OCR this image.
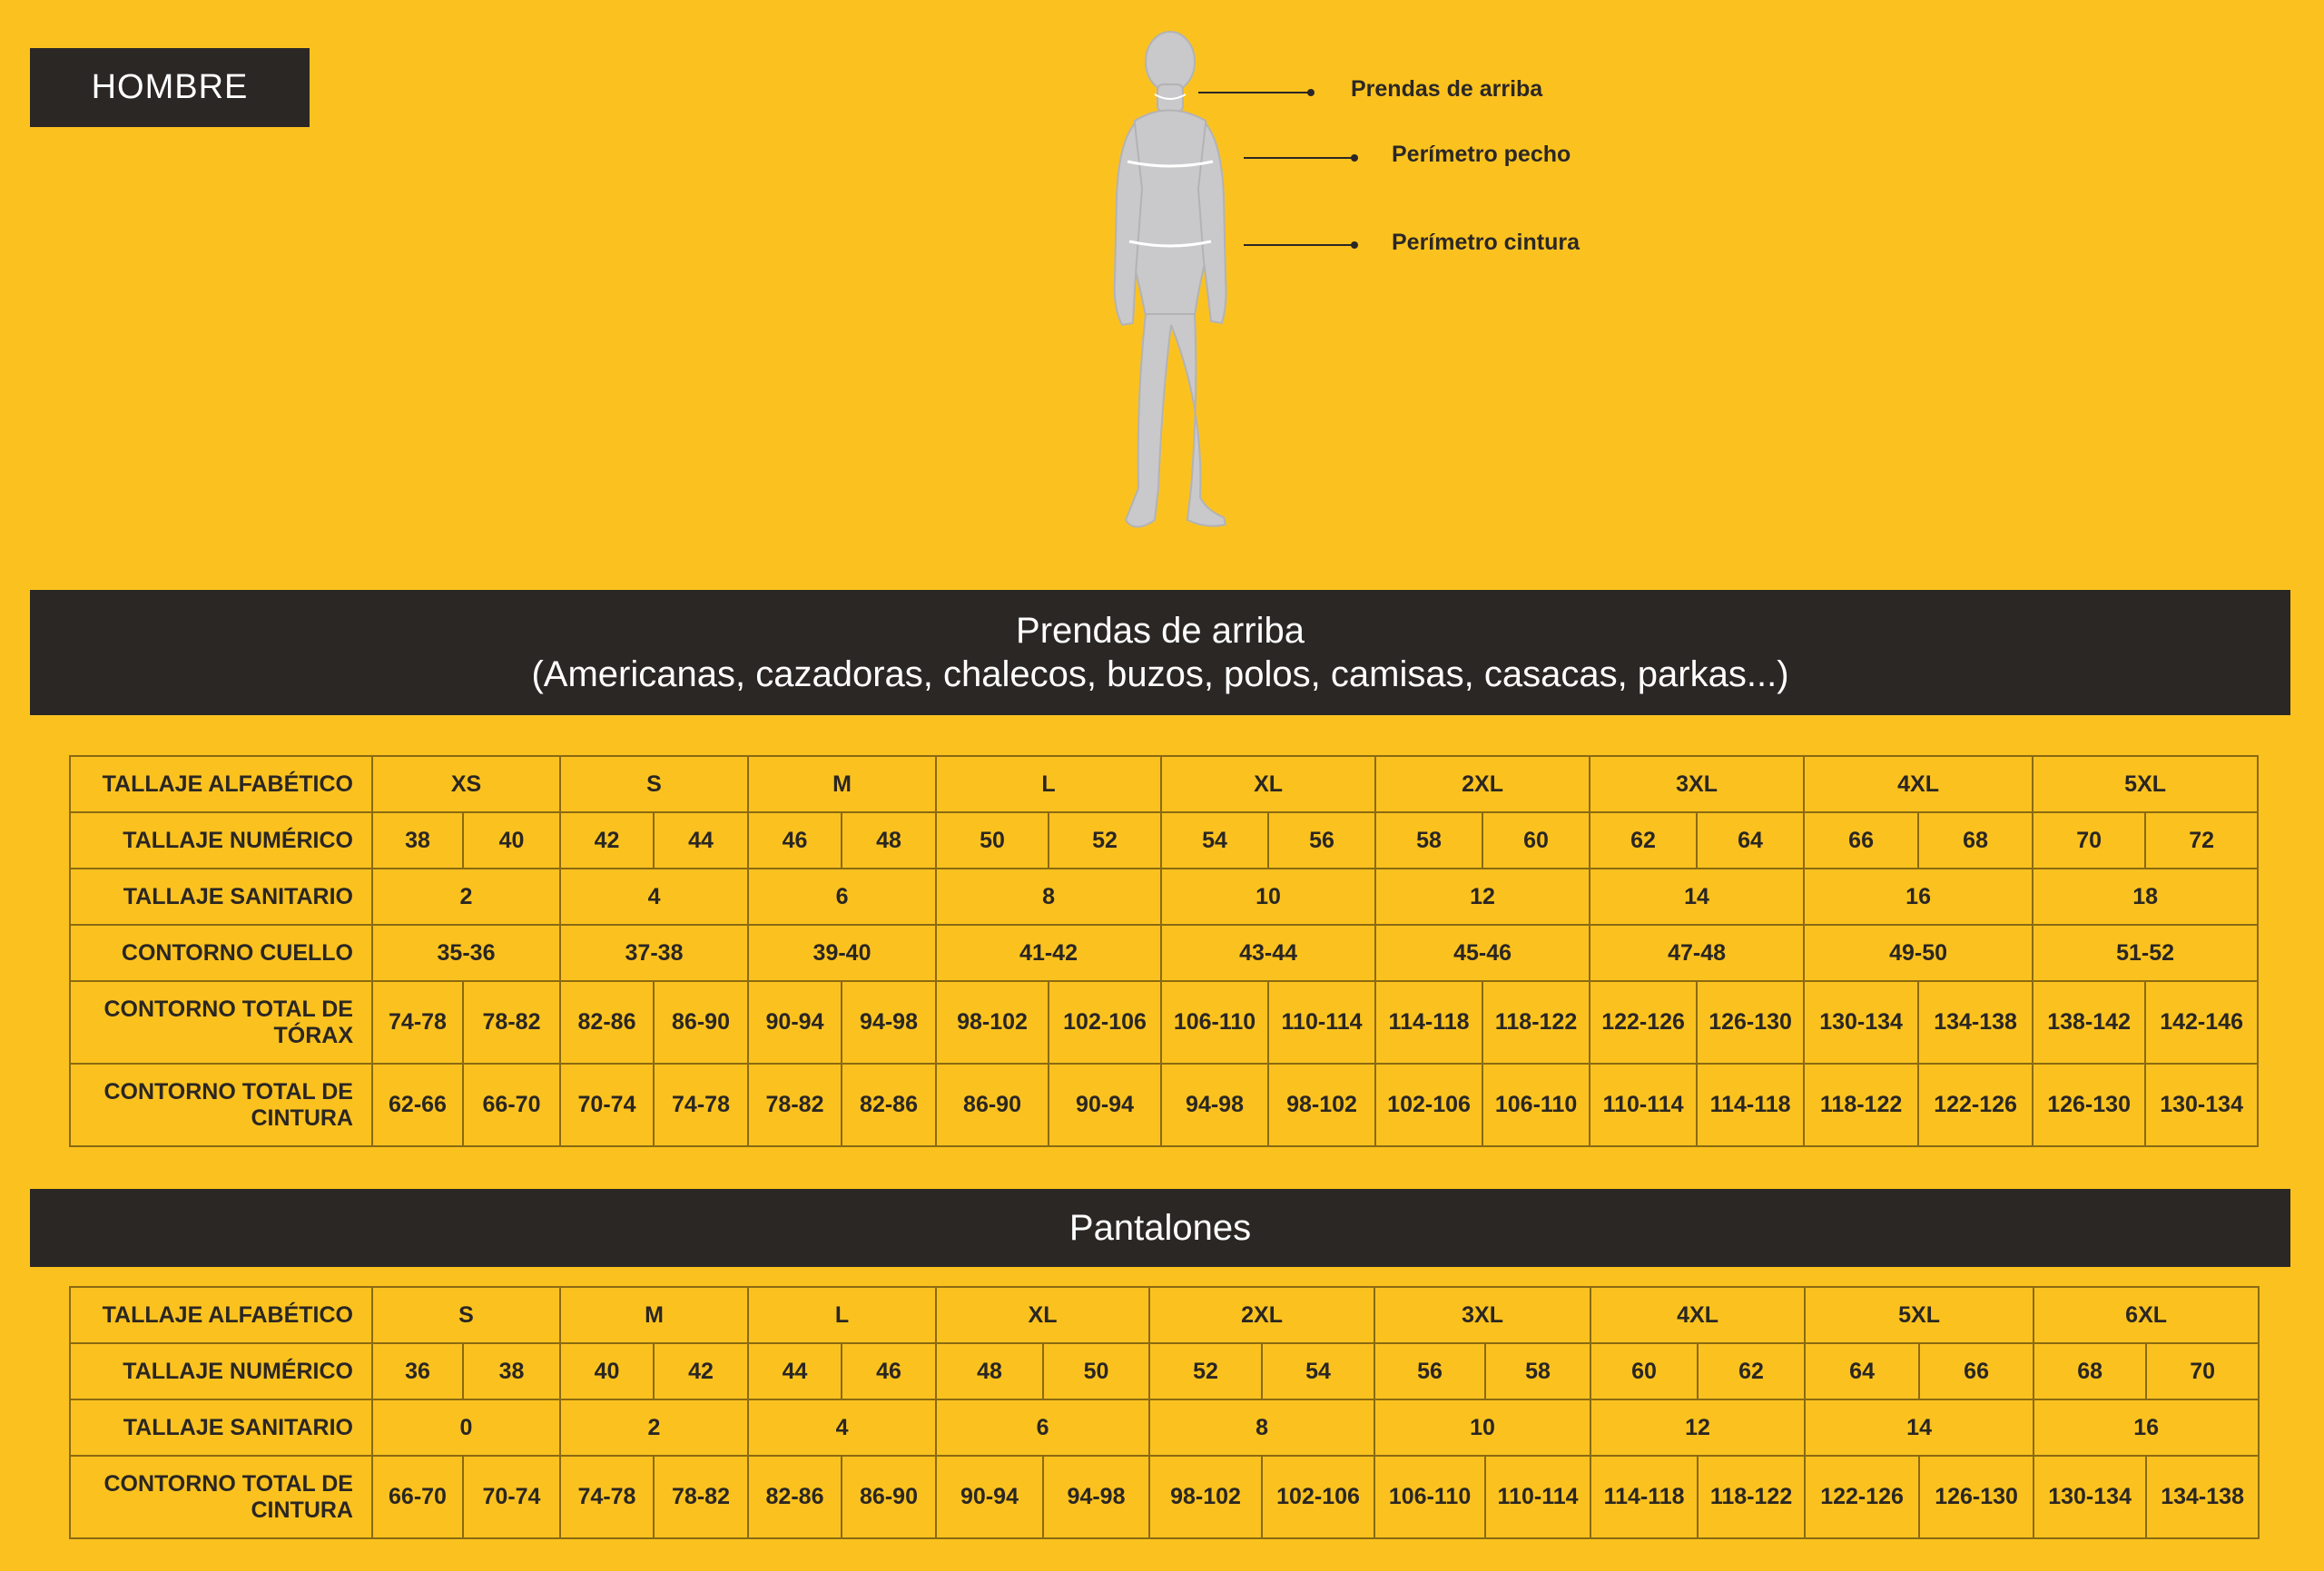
HOMBRE	Prendas de arriba
Perímetro pecho
Perímetro cintura
Prendas de arriba
(Americanas, cazadoras, chalecos, buzos, polos, camisas, casacas, parkas...)
TALLAJE ALFABÉTICO	XS		S		M		L		XL		2XL		3XL		4XL		5XL	
TALLAJE NUMÉRICO	38	40	42	44	46	48	50	52	54	56	58	60	62	64	66	68	70	72
TALLAJE SANITARIO	2		4		6		8		10		12		14		16		18	
CONTORNO CUELLO	35-36		37-38		39-40		41-42		43-44		45-46		47-48		49-50		51-52	
CONTORNO TOTAL DE TÓRAX	74-78	78-82	82-86	86-90	90-94	94-98	98-102	102-106	106-110	110-114	114-118	118-122	122-126	126-130	130-134	134-138	138-142	142-146
CONTORNO TOTAL DE CINTURA	62-66	66-70	70-74	74-78	78-82	82-86	86-90	90-94	94-98	98-102	102-106	106-110	110-114	114-118	118-122	122-126	126-130	130-134
Pantalones
TALLAJE ALFABÉTICO	S		M		L		XL		2XL		3XL		4XL		5XL		6XL	
TALLAJE NUMÉRICO	36	38	40	42	44	46	48	50	52	54	56	58	60	62	64	66	68	70
TALLAJE SANITARIO	0		2		4		6		8		10		12		14		16	
CONTORNO TOTAL DE CINTURA	66-70	70-74	74-78	78-82	82-86	86-90	90-94	94-98	98-102	102-106	106-110	110-114	114-118	118-122	122-126	126-130	130-134	134-138
